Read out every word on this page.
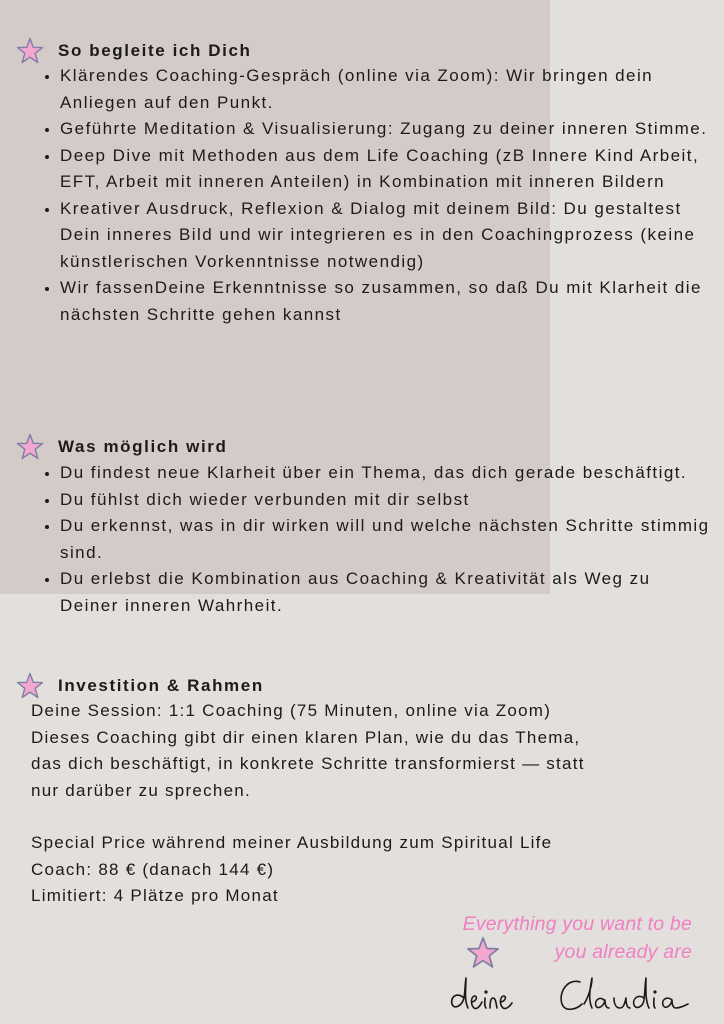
So begleite ich Dich
• Klärendes Coaching-Gespräch (online via Zoom): Wir bringen dein Anliegen auf den Punkt.
• Geführte Meditation & Visualisierung: Zugang zu deiner inneren Stimme.
• Deep Dive mit Methoden aus dem Life Coaching (zB Innere Kind Arbeit, EFT, Arbeit mit inneren Anteilen) in Kombination mit inneren Bildern
• Kreativer Ausdruck, Reflexion & Dialog mit deinem Bild: Du gestaltest Dein inneres Bild und wir integrieren es in den Coachingprozess (keine künstlerischen Vorkenntnisse notwendig)
• Wir fassenDeine Erkenntnisse so zusammen, so daß Du mit Klarheit die nächsten Schritte gehen kannst
Was möglich wird
• Du findest neue Klarheit über ein Thema, das dich gerade beschäftigt.
• Du fühlst dich wieder verbunden mit dir selbst
• Du erkennst, was in dir wirken will und welche nächsten Schritte stimmig sind.
• Du erlebst die Kombination aus Coaching & Kreativität als Weg zu Deiner inneren Wahrheit.
Investition & Rahmen
Deine Session: 1:1 Coaching (75 Minuten, online via Zoom)
Dieses Coaching gibt dir einen klaren Plan, wie du das Thema,
das dich beschäftigt, in konkrete Schritte transformierst — statt
nur darüber zu sprechen.
Special Price während meiner Ausbildung zum Spiritual Life
Coach: 88 € (danach 144 €)
Limitiert: 4 Plätze pro Monat
Everything you want to be
you already are
